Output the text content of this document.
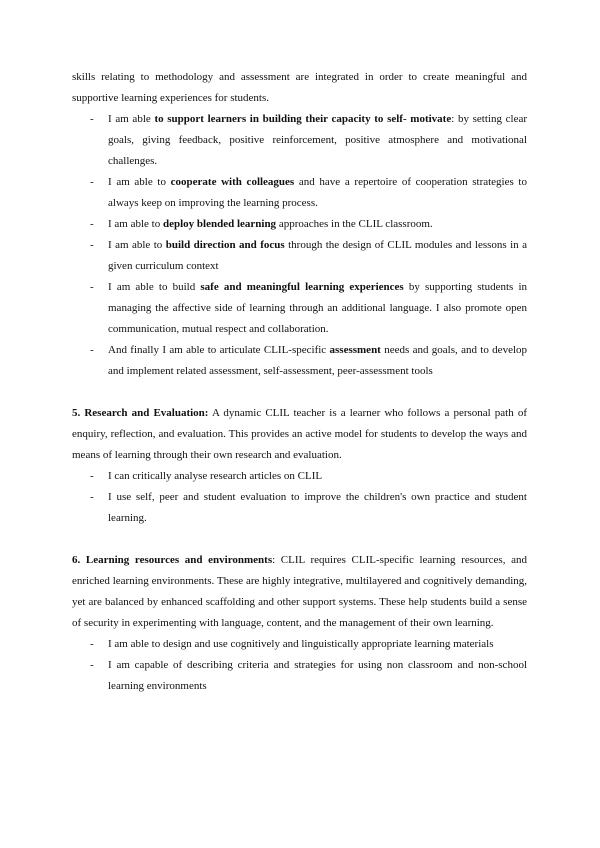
skills relating to methodology and assessment are integrated in order to create meaningful and supportive learning experiences for students.

- I am able to support learners in building their capacity to self- motivate: by setting clear goals, giving feedback, positive reinforcement, positive atmosphere and motivational challenges.
- I am able to cooperate with colleagues and have a repertoire of cooperation strategies to always keep on improving the learning process.
- I am able to deploy blended learning approaches in the CLIL classroom.
- I am able to build direction and focus through the design of CLIL modules and lessons in a given curriculum context
- I am able to build safe and meaningful learning experiences by supporting students in managing the affective side of learning through an additional language. I also promote open communication, mutual respect and collaboration.
- And finally I am able to articulate CLIL-specific assessment needs and goals, and to develop and implement related assessment, self-assessment, peer-assessment tools

5. Research and Evaluation: A dynamic CLIL teacher is a learner who follows a personal path of enquiry, reflection, and evaluation. This provides an active model for students to develop the ways and means of learning through their own research and evaluation.

- I can critically analyse research articles on CLIL
- I use self, peer and student evaluation to improve the children's own practice and student learning.

6. Learning resources and environments: CLIL requires CLIL-specific learning resources, and enriched learning environments. These are highly integrative, multilayered and cognitively demanding, yet are balanced by enhanced scaffolding and other support systems. These help students build a sense of security in experimenting with language, content, and the management of their own learning.

- I am able to design and use cognitively and linguistically appropriate learning materials
- I am capable of describing criteria and strategies for using non classroom and non-school learning environments
